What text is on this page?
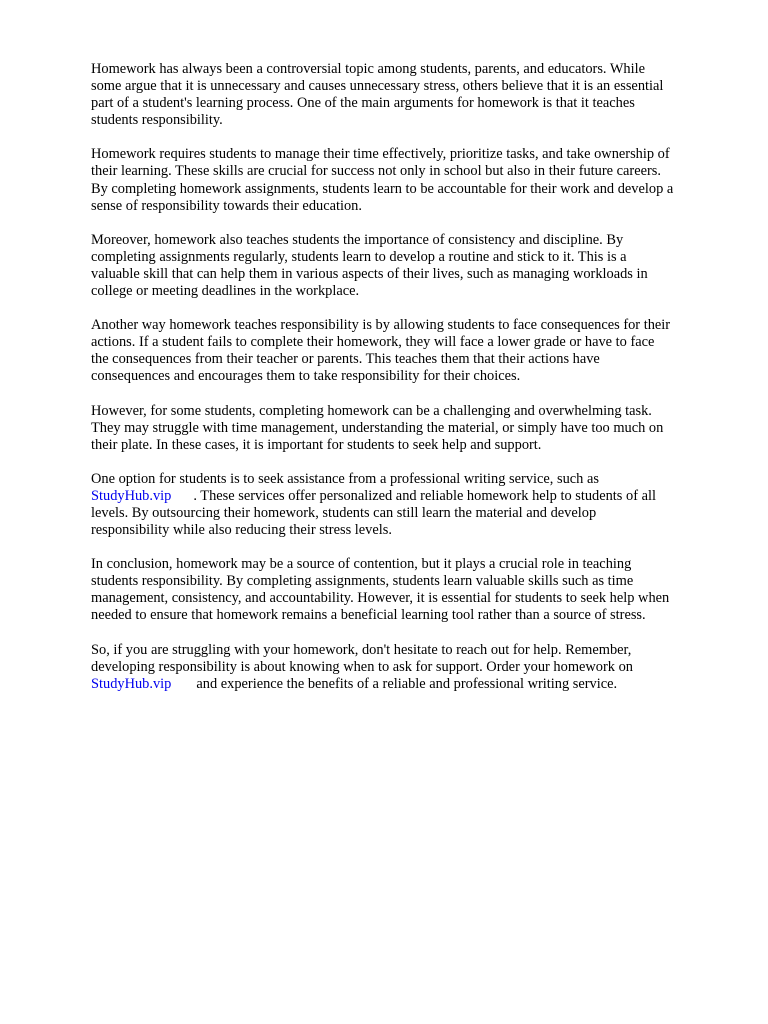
Homework has always been a controversial topic among students, parents, and educators. While
some argue that it is unnecessary and causes unnecessary stress, others believe that it is an essential
part of a student's learning process. One of the main arguments for homework is that it teaches
students responsibility.

Homework requires students to manage their time effectively, prioritize tasks, and take ownership of
their learning. These skills are crucial for success not only in school but also in their future careers.
By completing homework assignments, students learn to be accountable for their work and develop a
sense of responsibility towards their education.

Moreover, homework also teaches students the importance of consistency and discipline. By
completing assignments regularly, students learn to develop a routine and stick to it. This is a
valuable skill that can help them in various aspects of their lives, such as managing workloads in
college or meeting deadlines in the workplace.

Another way homework teaches responsibility is by allowing students to face consequences for their
actions. If a student fails to complete their homework, they will face a lower grade or have to face
the consequences from their teacher or parents. This teaches them that their actions have
consequences and encourages them to take responsibility for their choices.

However, for some students, completing homework can be a challenging and overwhelming task.
They may struggle with time management, understanding the material, or simply have too much on
their plate. In these cases, it is important for students to seek help and support.

One option for students is to seek assistance from a professional writing service, such as
StudyHub.vip . These services offer personalized and reliable homework help to students of all
levels. By outsourcing their homework, students can still learn the material and develop
responsibility while also reducing their stress levels.

In conclusion, homework may be a source of contention, but it plays a crucial role in teaching
students responsibility. By completing assignments, students learn valuable skills such as time
management, consistency, and accountability. However, it is essential for students to seek help when
needed to ensure that homework remains a beneficial learning tool rather than a source of stress.

So, if you are struggling with your homework, don't hesitate to reach out for help. Remember,
developing responsibility is about knowing when to ask for support. Order your homework on
StudyHub.vip and experience the benefits of a reliable and professional writing service.
